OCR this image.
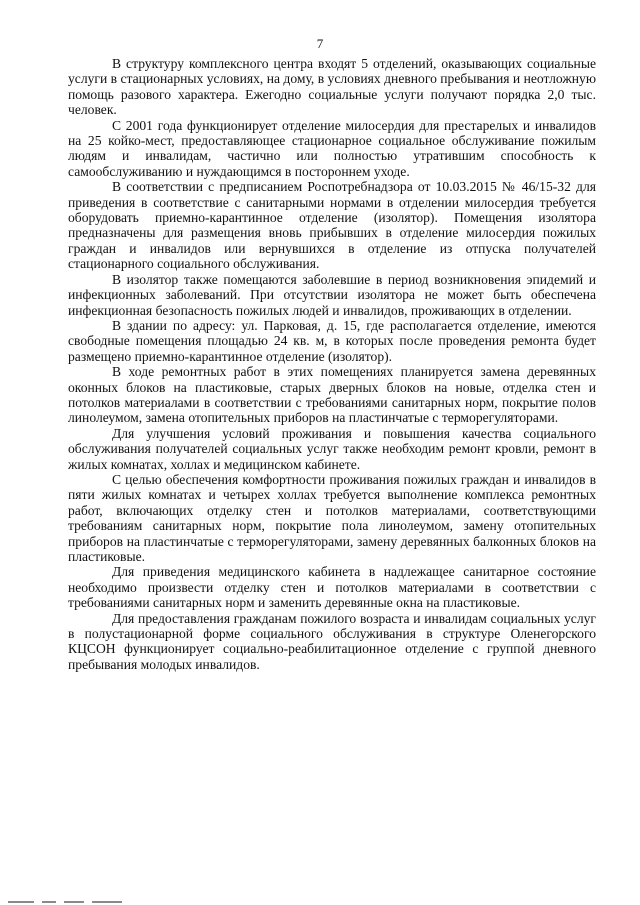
7

В структуру комплексного центра входят 5 отделений, оказывающих социальные услуги в стационарных условиях, на дому, в условиях дневного пребывания и неотложную помощь разового характера. Ежегодно социальные услуги получают порядка 2,0 тыс. человек.

С 2001 года функционирует отделение милосердия для престарелых и инвалидов на 25 койко-мест, предоставляющее стационарное социальное обслуживание пожилым людям и инвалидам, частично или полностью утратившим способность к самообслуживанию и нуждающимся в постороннем уходе.

В соответствии с предписанием Роспотребнадзора от 10.03.2015 № 46/15-32 для приведения в соответствие с санитарными нормами в отделении милосердия требуется оборудовать приемно-карантинное отделение (изолятор). Помещения изолятора предназначены для размещения вновь прибывших в отделение милосердия пожилых граждан и инвалидов или вернувшихся в отделение из отпуска получателей стационарного социального обслуживания.

В изолятор также помещаются заболевшие в период возникновения эпидемий и инфекционных заболеваний. При отсутствии изолятора не может быть обеспечена инфекционная безопасность пожилых людей и инвалидов, проживающих в отделении.

В здании по адресу: ул. Парковая, д. 15, где располагается отделение, имеются свободные помещения площадью 24 кв. м, в которых после проведения ремонта будет размещено приемно-карантинное отделение (изолятор).

В ходе ремонтных работ в этих помещениях планируется замена деревянных оконных блоков на пластиковые, старых дверных блоков на новые, отделка стен и потолков материалами в соответствии с требованиями санитарных норм, покрытие полов линолеумом, замена отопительных приборов на пластинчатые с терморегуляторами.

Для улучшения условий проживания и повышения качества социального обслуживания получателей социальных услуг также необходим ремонт кровли, ремонт в жилых комнатах, холлах и медицинском кабинете.

С целью обеспечения комфортности проживания пожилых граждан и инвалидов в пяти жилых комнатах и четырех холлах требуется выполнение комплекса ремонтных работ, включающих отделку стен и потолков материалами, соответствующими требованиям санитарных норм, покрытие пола линолеумом, замену отопительных приборов на пластинчатые с терморегуляторами, замену деревянных балконных блоков на пластиковые.

Для приведения медицинского кабинета в надлежащее санитарное состояние необходимо произвести отделку стен и потолков материалами в соответствии с требованиями санитарных норм и заменить деревянные окна на пластиковые.

Для предоставления гражданам пожилого возраста и инвалидам социальных услуг в полустационарной форме социального обслуживания в структуре Оленегорского КЦСОН функционирует социально-реабилитационное отделение с группой дневного пребывания молодых инвалидов.
